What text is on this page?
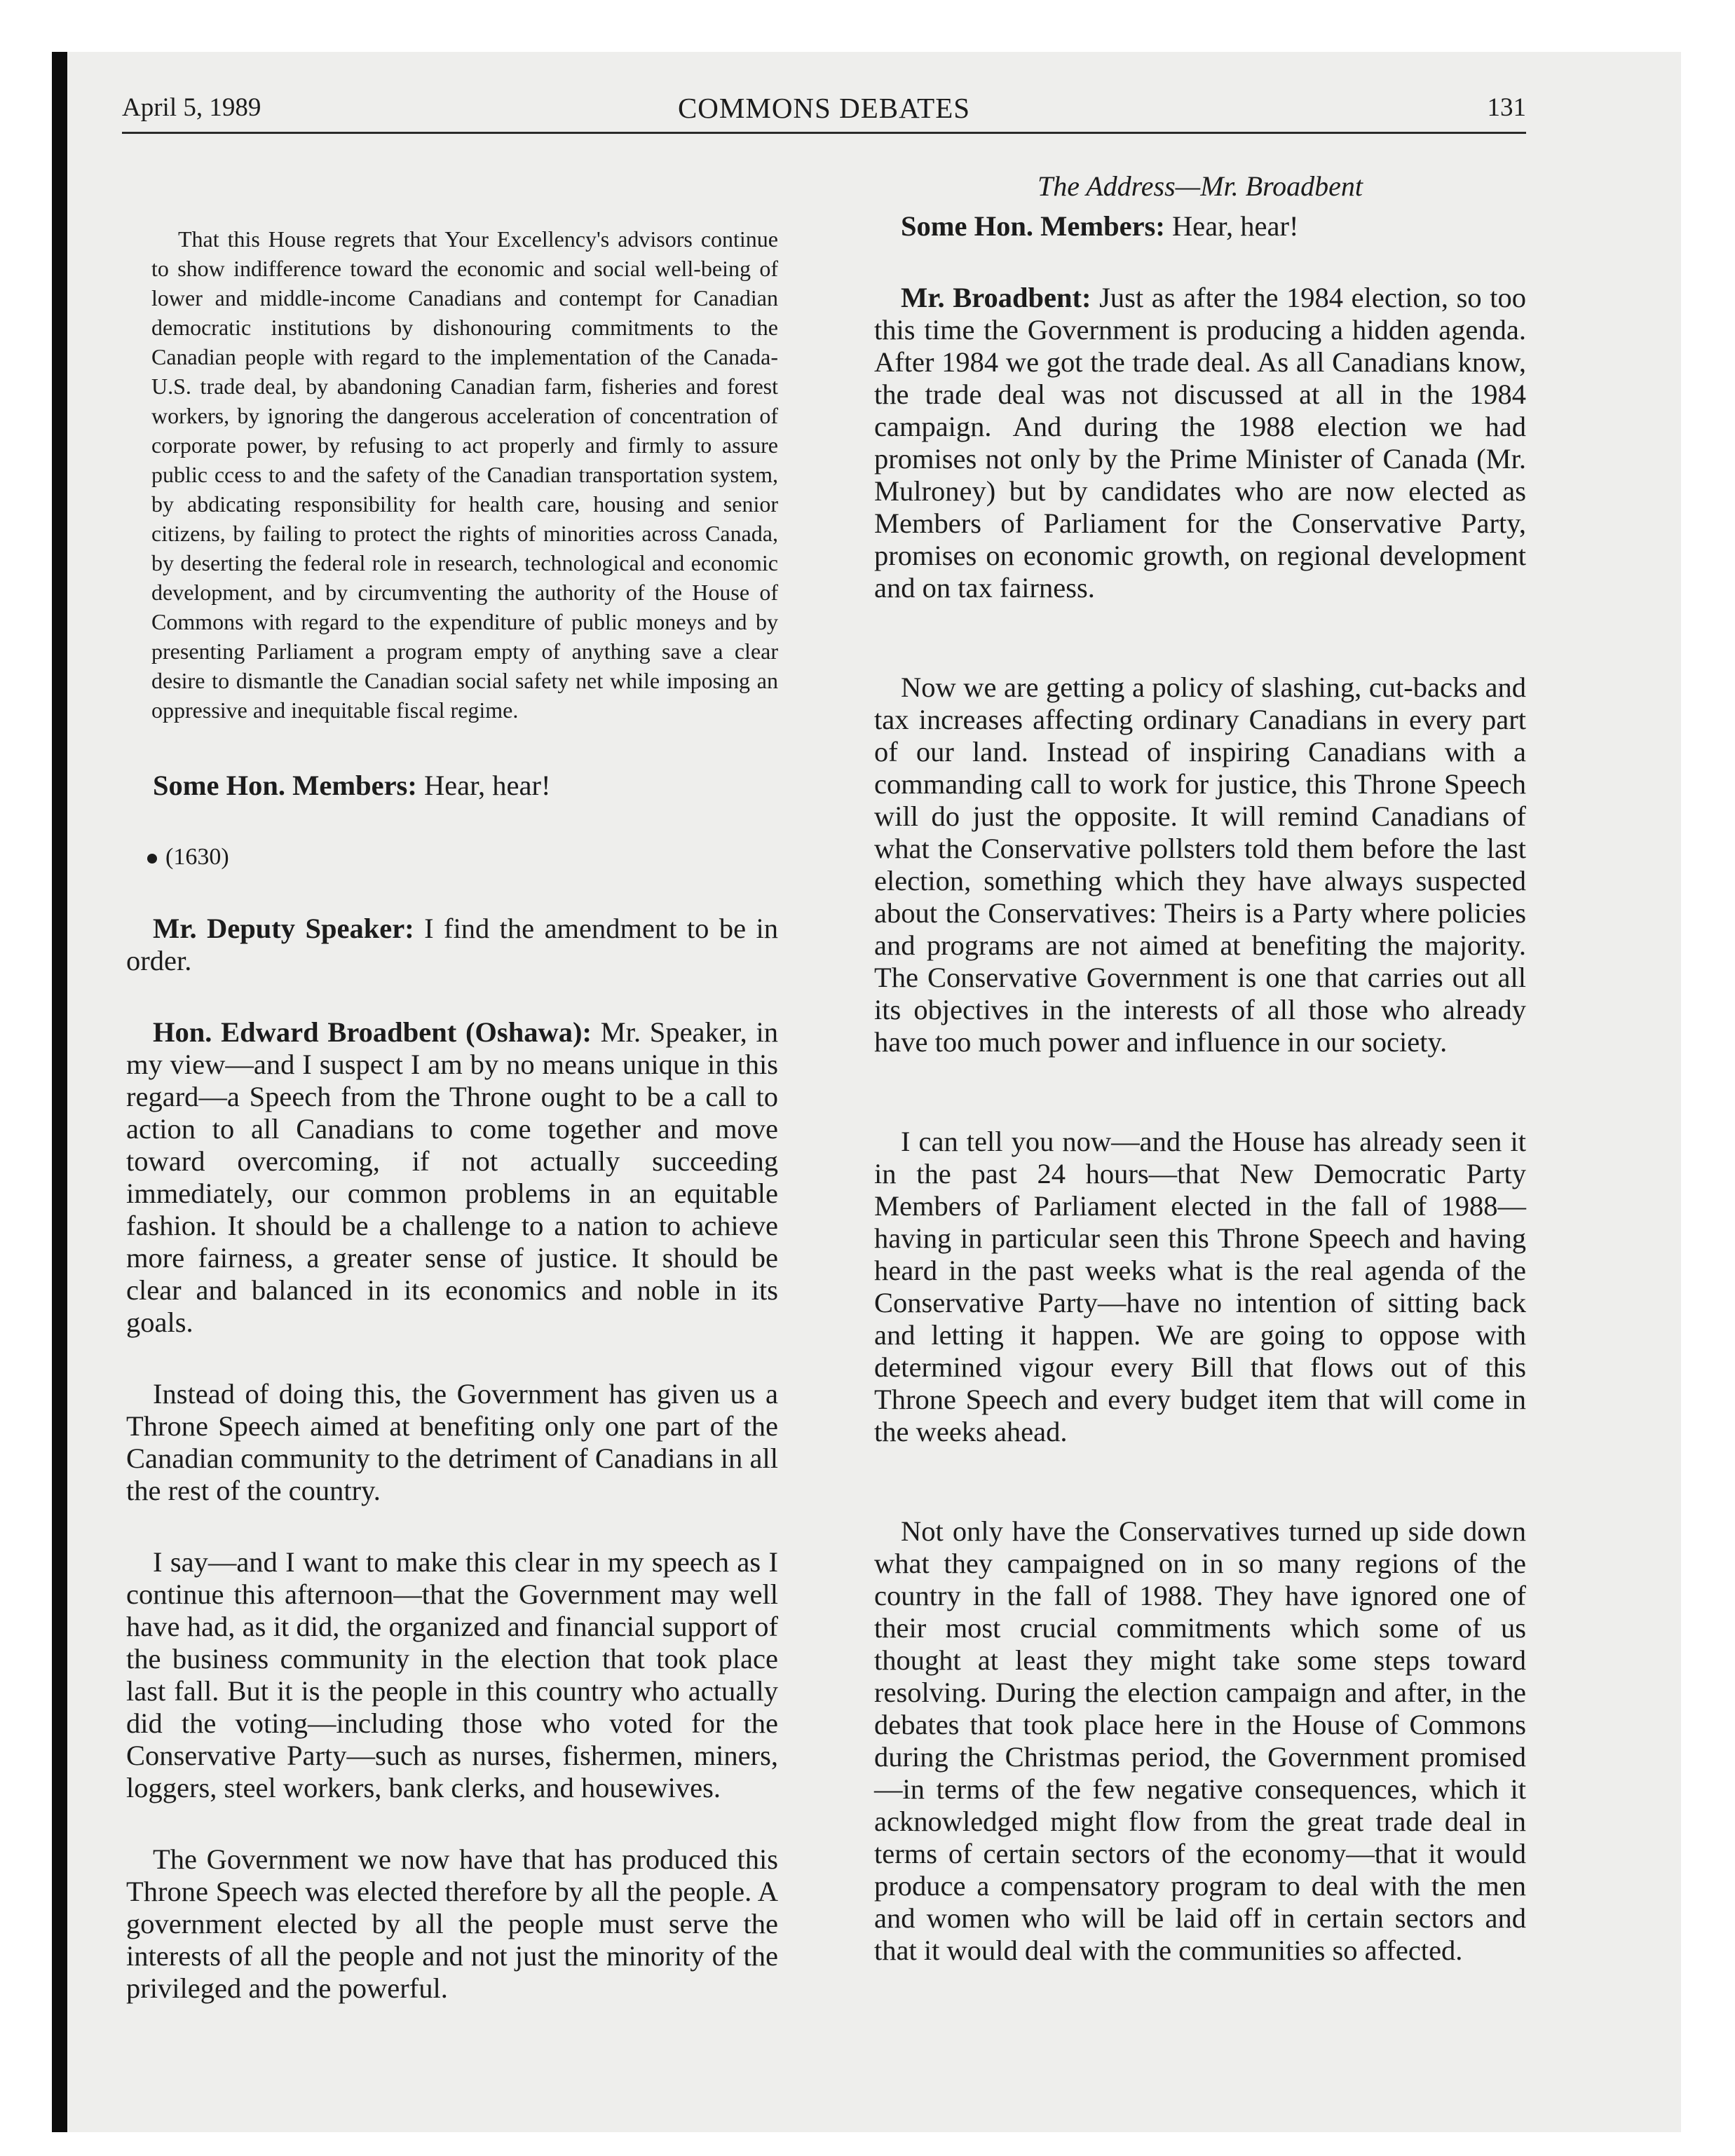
April 5, 1989	COMMONS DEBATES	131
The Address—Mr. Broadbent

That this House regrets that Your Excellency's advisors continue to show indifference toward the economic and social well-being of lower and middle-income Canadians and contempt for Canadian democratic institutions by dishonouring commitments to the Canadian people with regard to the implementation of the Canada-U.S. trade deal, by abandoning Canadian farm, fisheries and forest workers, by ignoring the dangerous acceleration of concentration of corporate power, by refusing to act properly and firmly to assure public ccess to and the safety of the Canadian transportation system, by abdicating responsibility for health care, housing and senior citizens, by failing to protect the rights of minorities across Canada, by deserting the federal role in research, technological and economic development, and by circumventing the authority of the House of Commons with regard to the expenditure of public moneys and by presenting Parliament a program empty of anything save a clear desire to dismantle the Canadian social safety net while imposing an oppressive and inequitable fiscal regime.

Some Hon. Members: Hear, hear!

(1630)

Mr. Deputy Speaker: I find the amendment to be in order.

Hon. Edward Broadbent (Oshawa): Mr. Speaker, in my view—and I suspect I am by no means unique in this regard—a Speech from the Throne ought to be a call to action to all Canadians to come together and move toward overcoming, if not actually succeeding immediately, our common problems in an equitable fashion. It should be a challenge to a nation to achieve more fairness, a greater sense of justice. It should be clear and balanced in its economics and noble in its goals.

Instead of doing this, the Government has given us a Throne Speech aimed at benefiting only one part of the Canadian community to the detriment of Canadians in all the rest of the country.

I say—and I want to make this clear in my speech as I continue this afternoon—that the Government may well have had, as it did, the organized and financial support of the business community in the election that took place last fall. But it is the people in this country who actually did the voting—including those who voted for the Conservative Party—such as nurses, fishermen, miners, loggers, steel workers, bank clerks, and housewives.

The Government we now have that has produced this Throne Speech was elected therefore by all the people. A government elected by all the people must serve the interests of all the people and not just the minority of the privileged and the powerful.

Some Hon. Members: Hear, hear!

Mr. Broadbent: Just as after the 1984 election, so too this time the Government is producing a hidden agenda. After 1984 we got the trade deal. As all Canadians know, the trade deal was not discussed at all in the 1984 campaign. And during the 1988 election we had promises not only by the Prime Minister of Canada (Mr. Mulroney) but by candidates who are now elected as Members of Parliament for the Conservative Party, promises on economic growth, on regional development and on tax fairness.

Now we are getting a policy of slashing, cut-backs and tax increases affecting ordinary Canadians in every part of our land. Instead of inspiring Canadians with a commanding call to work for justice, this Throne Speech will do just the opposite. It will remind Canadians of what the Conservative pollsters told them before the last election, something which they have always suspected about the Conservatives: Theirs is a Party where policies and programs are not aimed at benefiting the majority. The Conservative Government is one that carries out all its objectives in the interests of all those who already have too much power and influence in our society.

I can tell you now—and the House has already seen it in the past 24 hours—that New Democratic Party Members of Parliament elected in the fall of 1988—having in particular seen this Throne Speech and having heard in the past weeks what is the real agenda of the Conservative Party—have no intention of sitting back and letting it happen. We are going to oppose with determined vigour every Bill that flows out of this Throne Speech and every budget item that will come in the weeks ahead.

Not only have the Conservatives turned up side down what they campaigned on in so many regions of the country in the fall of 1988. They have ignored one of their most crucial commitments which some of us thought at least they might take some steps toward resolving. During the election campaign and after, in the debates that took place here in the House of Commons during the Christmas period, the Government promised—in terms of the few negative consequences, which it acknowledged might flow from the great trade deal in terms of certain sectors of the economy—that it would produce a compensatory program to deal with the men and women who will be laid off in certain sectors and that it would deal with the communities so affected.
